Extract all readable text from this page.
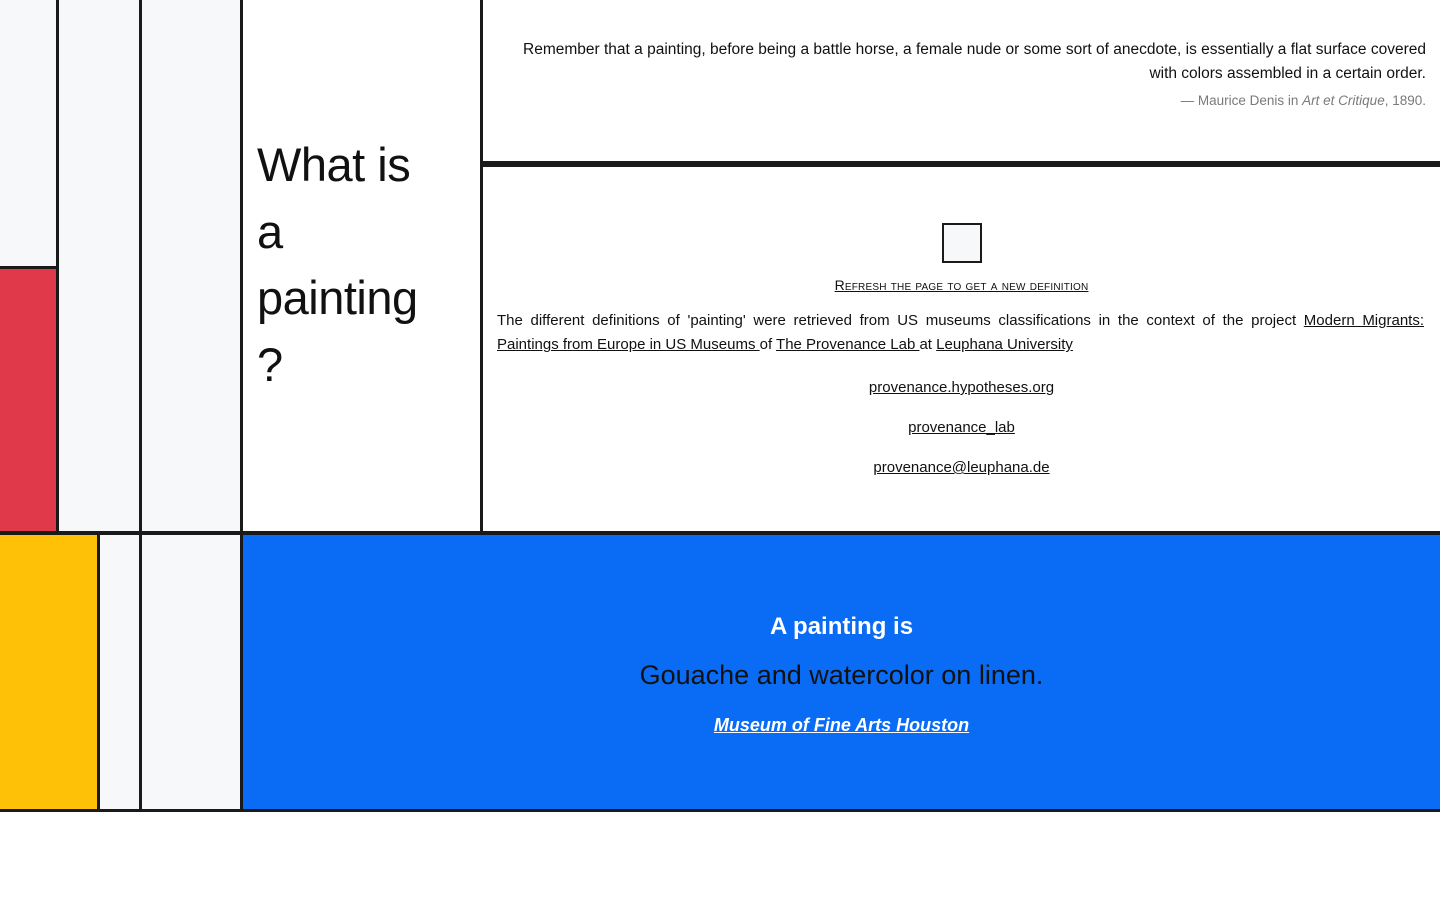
What is
a
painting
?
Remember that a painting, before being a battle horse, a female nude or some sort of anecdote, is essentially a flat surface covered with colors assembled in a certain order.
— Maurice Denis in Art et Critique, 1890.
Refresh the page to get a new definition
The different definitions of 'painting' were retrieved from US museums classifications in the context of the project Modern Migrants: Paintings from Europe in US Museums of The Provenance Lab at Leuphana University
provenance.hypotheses.org
provenance_lab
provenance@leuphana.de
A painting is
Gouache and watercolor on linen.
Museum of Fine Arts Houston
